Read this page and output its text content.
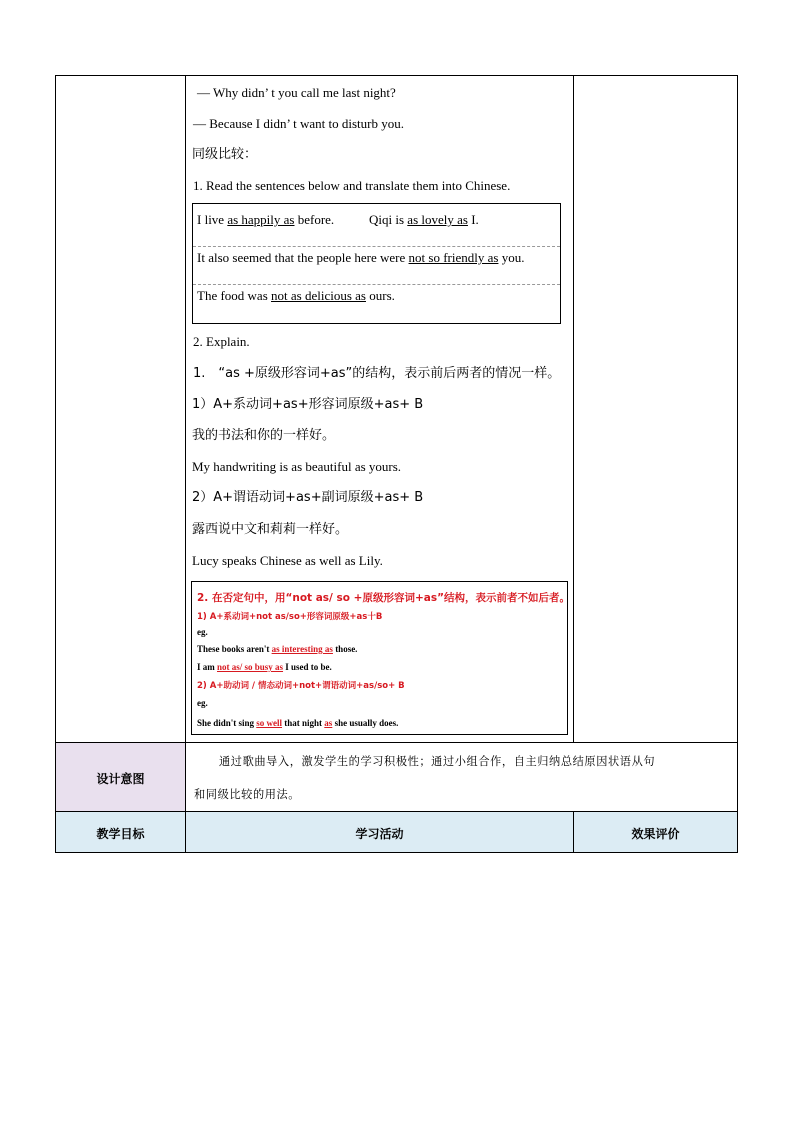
— Why didn’ t you call me last night?
— Because I didn’ t want to disturb you.
同级比较：
1. Read the sentences below and translate them into Chinese.
I live as happily as before.	Qiqi is as lovely as I.
It also seemed that the people here were not so friendly as you.
The food was not as delicious as ours.
2. Explain.
1.　“as +原级形容词+as”的结构，表示前后两者的情况一样。
1）A+系动词+as+形容词原级+as+ B
我的书法和你的一样好。
My handwriting is as beautiful as yours.
2）A+谓语动词+as+副词原级+as+ B
露西说中文和莉莉一样好。
Lucy speaks Chinese as well as Lily.
2. 在否定句中，用“not as/ so +原级形容词+as”结构，表示前者不如后者。
1) A+系动词+not as/so+形容词原级+as十B
eg.
These books aren't as interesting as those.
I am not as/ so busy as I used to be.
2) A+助动词 / 情态动词+not+谓语动词+as/so+ B
eg.
She didn't sing so well that night as she usually does.
设计意图
通过歌曲导入，激发学生的学习积极性；通过小组合作，自主归纳总结原因状语从句
和同级比较的用法。
教学目标	学习活动	效果评价
